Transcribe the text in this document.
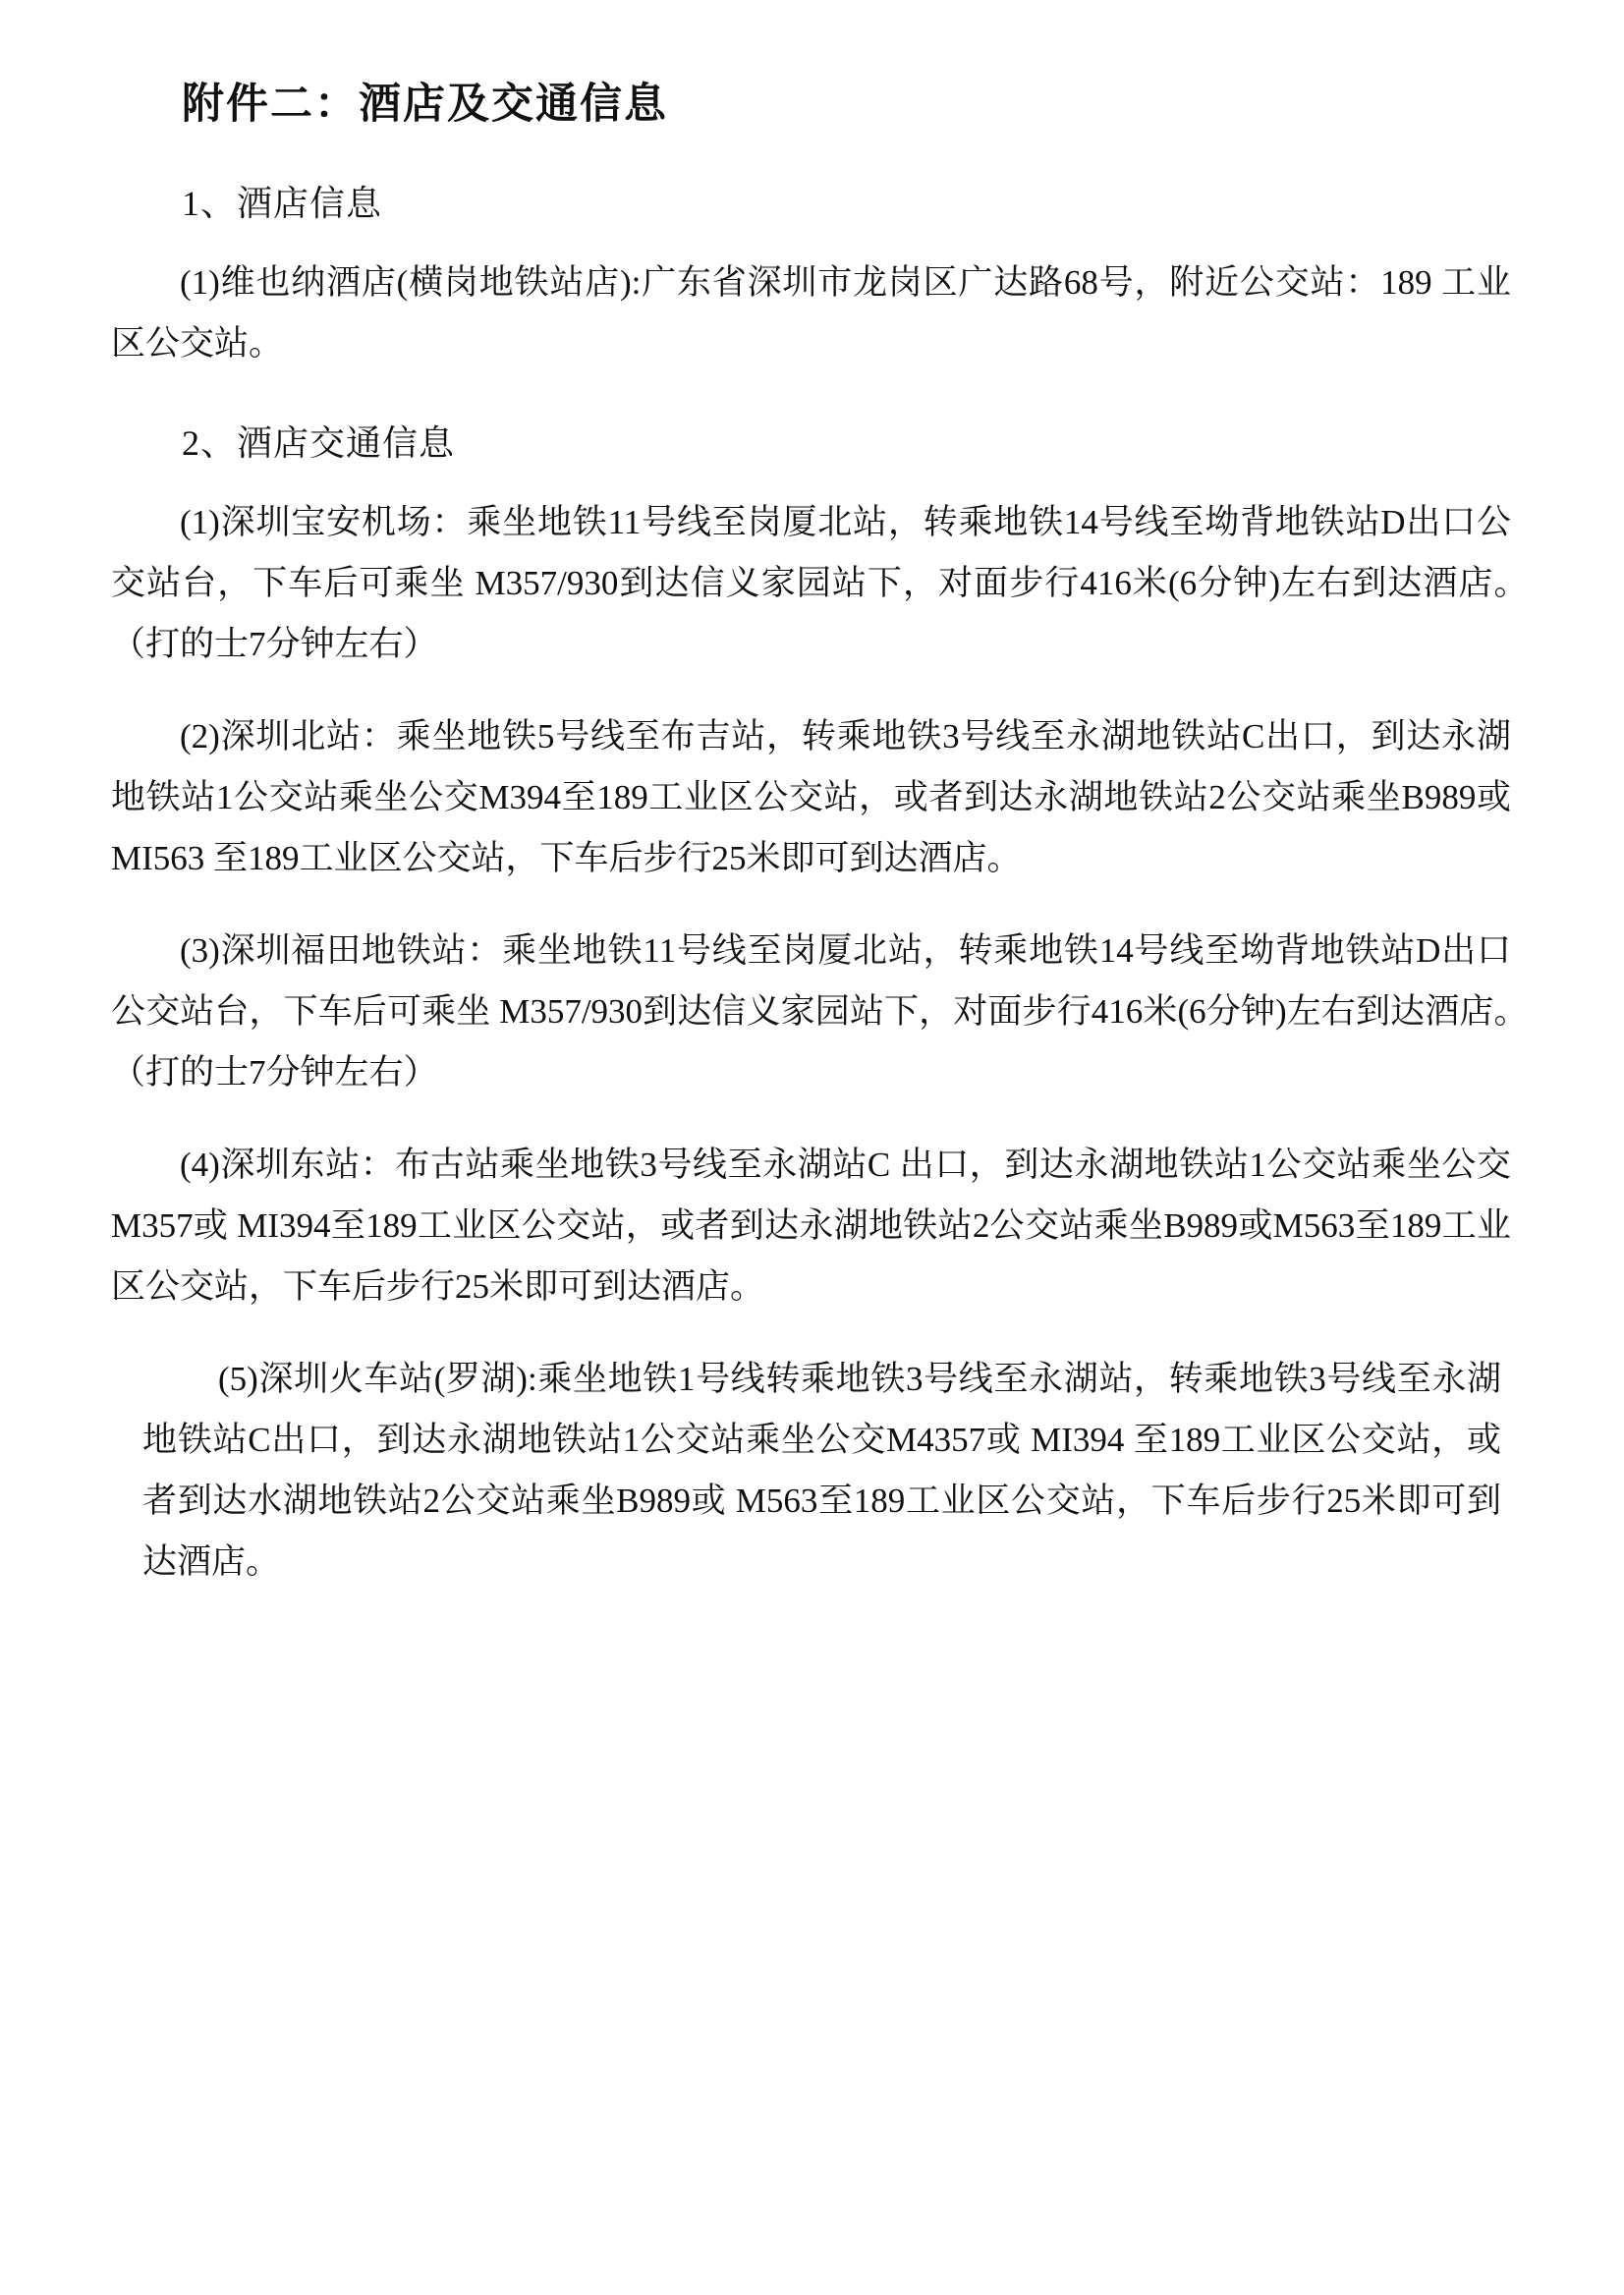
附件二：酒店及交通信息
1、酒店信息

(1)维也纳酒店(横岗地铁站店):广东省深圳市龙岗区广达路68号，附近公交站：189 工业区公交站。

2、酒店交通信息

(1)深圳宝安机场：乘坐地铁11号线至岗厦北站，转乘地铁14号线至坳背地铁站D出口公交站台，下车后可乘坐 M357/930到达信义家园站下，对面步行416米(6分钟)左右到达酒店。　（打的士7分钟左右）

(2)深圳北站：乘坐地铁5号线至布吉站，转乘地铁3号线至永湖地铁站C出口，到达永湖地铁站1公交站乘坐公交M394至189工业区公交站，或者到达永湖地铁站2公交站乘坐B989或 MI563 至189工业区公交站，下车后步行25米即可到达酒店。

(3)深圳福田地铁站：乘坐地铁11号线至岗厦北站，转乘地铁14号线至坳背地铁站D出口公交站台，下车后可乘坐 M357/930到达信义家园站下，对面步行416米(6分钟)左右到达酒店。　（打的士7分钟左右）

(4)深圳东站：布古站乘坐地铁3号线至永湖站C 出口，到达永湖地铁站1公交站乘坐公交M357或 MI394至189工业区公交站，或者到达永湖地铁站2公交站乘坐B989或M563至189工业区公交站，下车后步行25米即可到达酒店。

(5)深圳火车站(罗湖):乘坐地铁1号线转乘地铁3号线至永湖站，转乘地铁3号线至永湖地铁站C出口，到达永湖地铁站1公交站乘坐公交M4357或 MI394 至189工业区公交站，或者到达水湖地铁站2公交站乘坐B989或 M563至189工业区公交站，下车后步行25米即可到达酒店。
